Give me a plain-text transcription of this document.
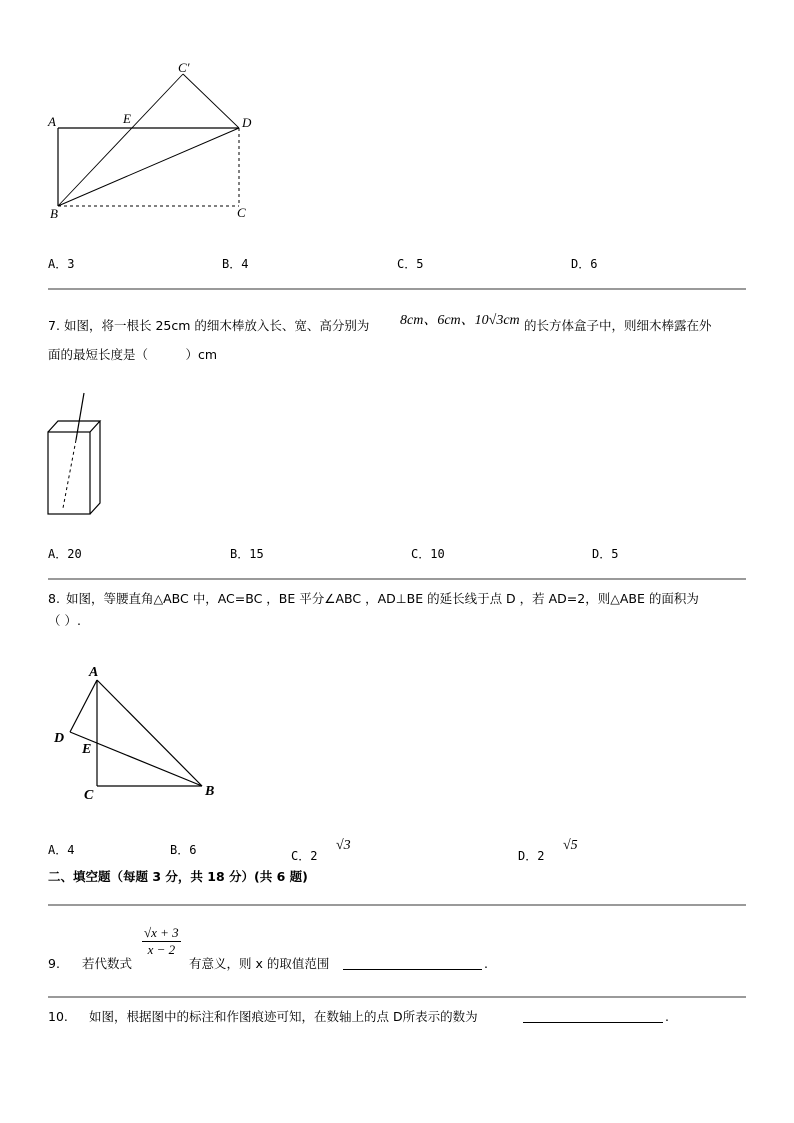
A	E
C′
D
B	C
A．3	B．4	C．5	D．6
7. 如图，将一根长 25cm 的细木棒放入长、宽、高分别为 8cm、6cm、10√3cm 的长方体盒子中，则细木棒露在外
面的最短长度是（　　　）cm
A．20	B．15	C．10	D．5
8. 如图，等腰直角△ABC 中，AC=BC ，BE 平分∠ABC ，AD⊥BE 的延长线于点 D ，若 AD=2，则△ABE 的面积为
（ ）.
A
D
E
C	B
A．4	B．6	C．2
√3
D．2
√5
二、填空题（每题 3 分，共 18 分）(共 6 题)
9. 若代数式
$\frac{√x + 3}{x - 2}$
有意义，则 x 的取值范围	.
10. 如图，根据图中的标注和作图痕迹可知，在数轴上的点 D所表示的数为	.
